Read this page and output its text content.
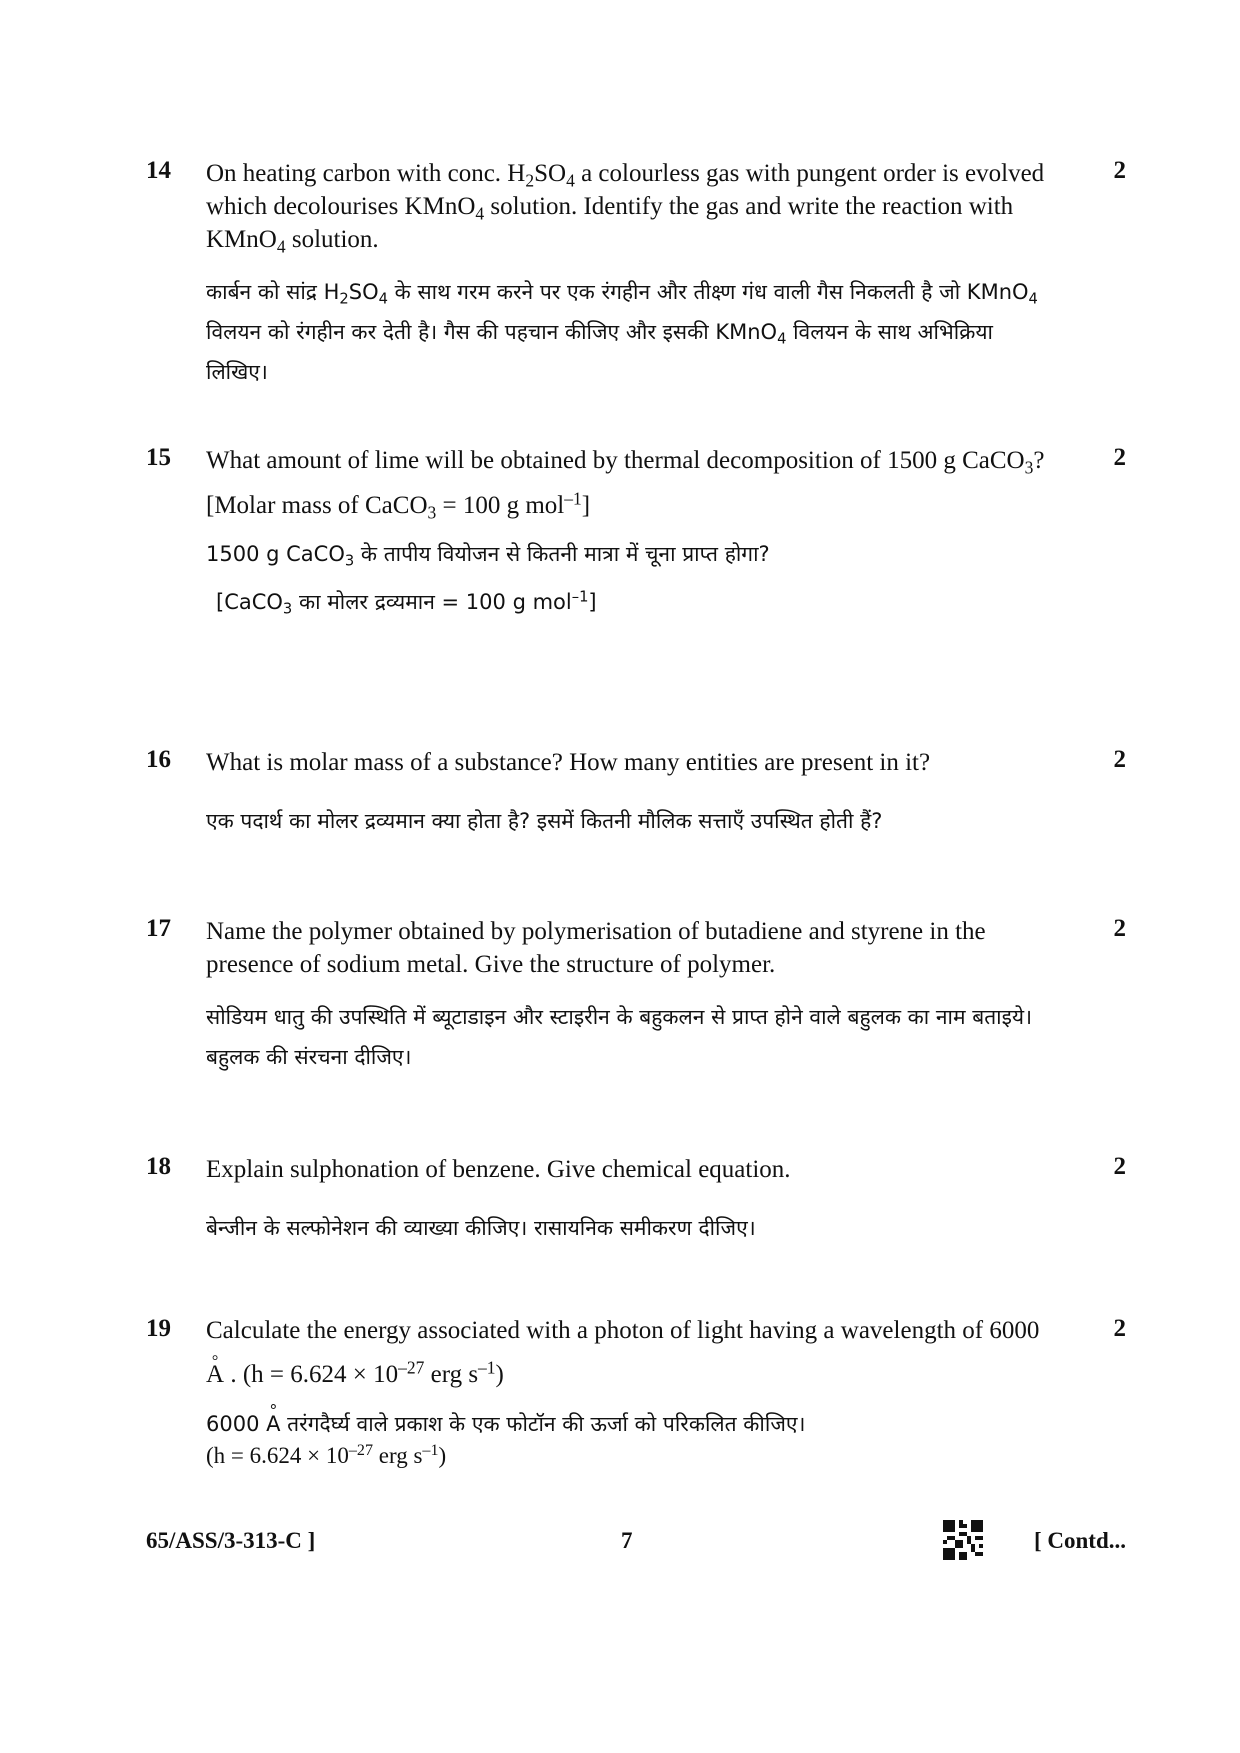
14	2

On heating carbon with conc. $H_2SO_4$ a colourless gas with pungent order is evolved which decolourises KMnO$_4$ solution. Identify the gas and write the reaction with KMnO$_4$ solution.

कार्बन को सांद्र $H_2SO_4$ के साथ गरम करने पर एक रंगहीन और तीक्ष्ण गंध वाली गैस निकलती है जो KMnO$_4$ विलयन को रंगहीन कर देती है। गैस की पहचान कीजिए और इसकी KMnO$_4$ विलयन के साथ अभिक्रिया लिखिए।

15	2

What amount of lime will be obtained by thermal decomposition of 1500 g CaCO$_3$?

[Molar mass of CaCO$_3$ = 100 g mol$^{-1}$]

1500 g CaCO$_3$ के तापीय वियोजन से कितनी मात्रा में चूना प्राप्त होगा?

[CaCO$_3$ का मोलर द्रव्यमान = 100 g mol$^{-1}$]

16	2

What is molar mass of a substance? How many entities are present in it?

एक पदार्थ का मोलर द्रव्यमान क्या होता है? इसमें कितनी मौलिक सत्ताएँ उपस्थित होती हैं?

17	2

Name the polymer obtained by polymerisation of butadiene and styrene in the presence of sodium metal. Give the structure of polymer.

सोडियम धातु की उपस्थिति में ब्यूटाडाइन और स्टाइरीन के बहुकलन से प्राप्त होने वाले बहुलक का नाम बताइये। बहुलक की संरचना दीजिए।

18	2

Explain sulphonation of benzene. Give chemical equation.

बेन्जीन के सल्फोनेशन की व्याख्या कीजिए। रासायनिक समीकरण दीजिए।

19	2

Calculate the energy associated with a photon of light having a wavelength of 6000 ° A . ($h = 6.624 \times 10^{-27}$ erg $s^{-1}$)

6000 ° A तरंगदैर्घ्य वाले प्रकाश के एक फोटॉन की ऊर्जा को परिकलित कीजिए।

($h = 6.624 \times 10^{-27}$ erg $s^{-1}$)

65/ASS/3-313-C ]	7	[ Contd...
